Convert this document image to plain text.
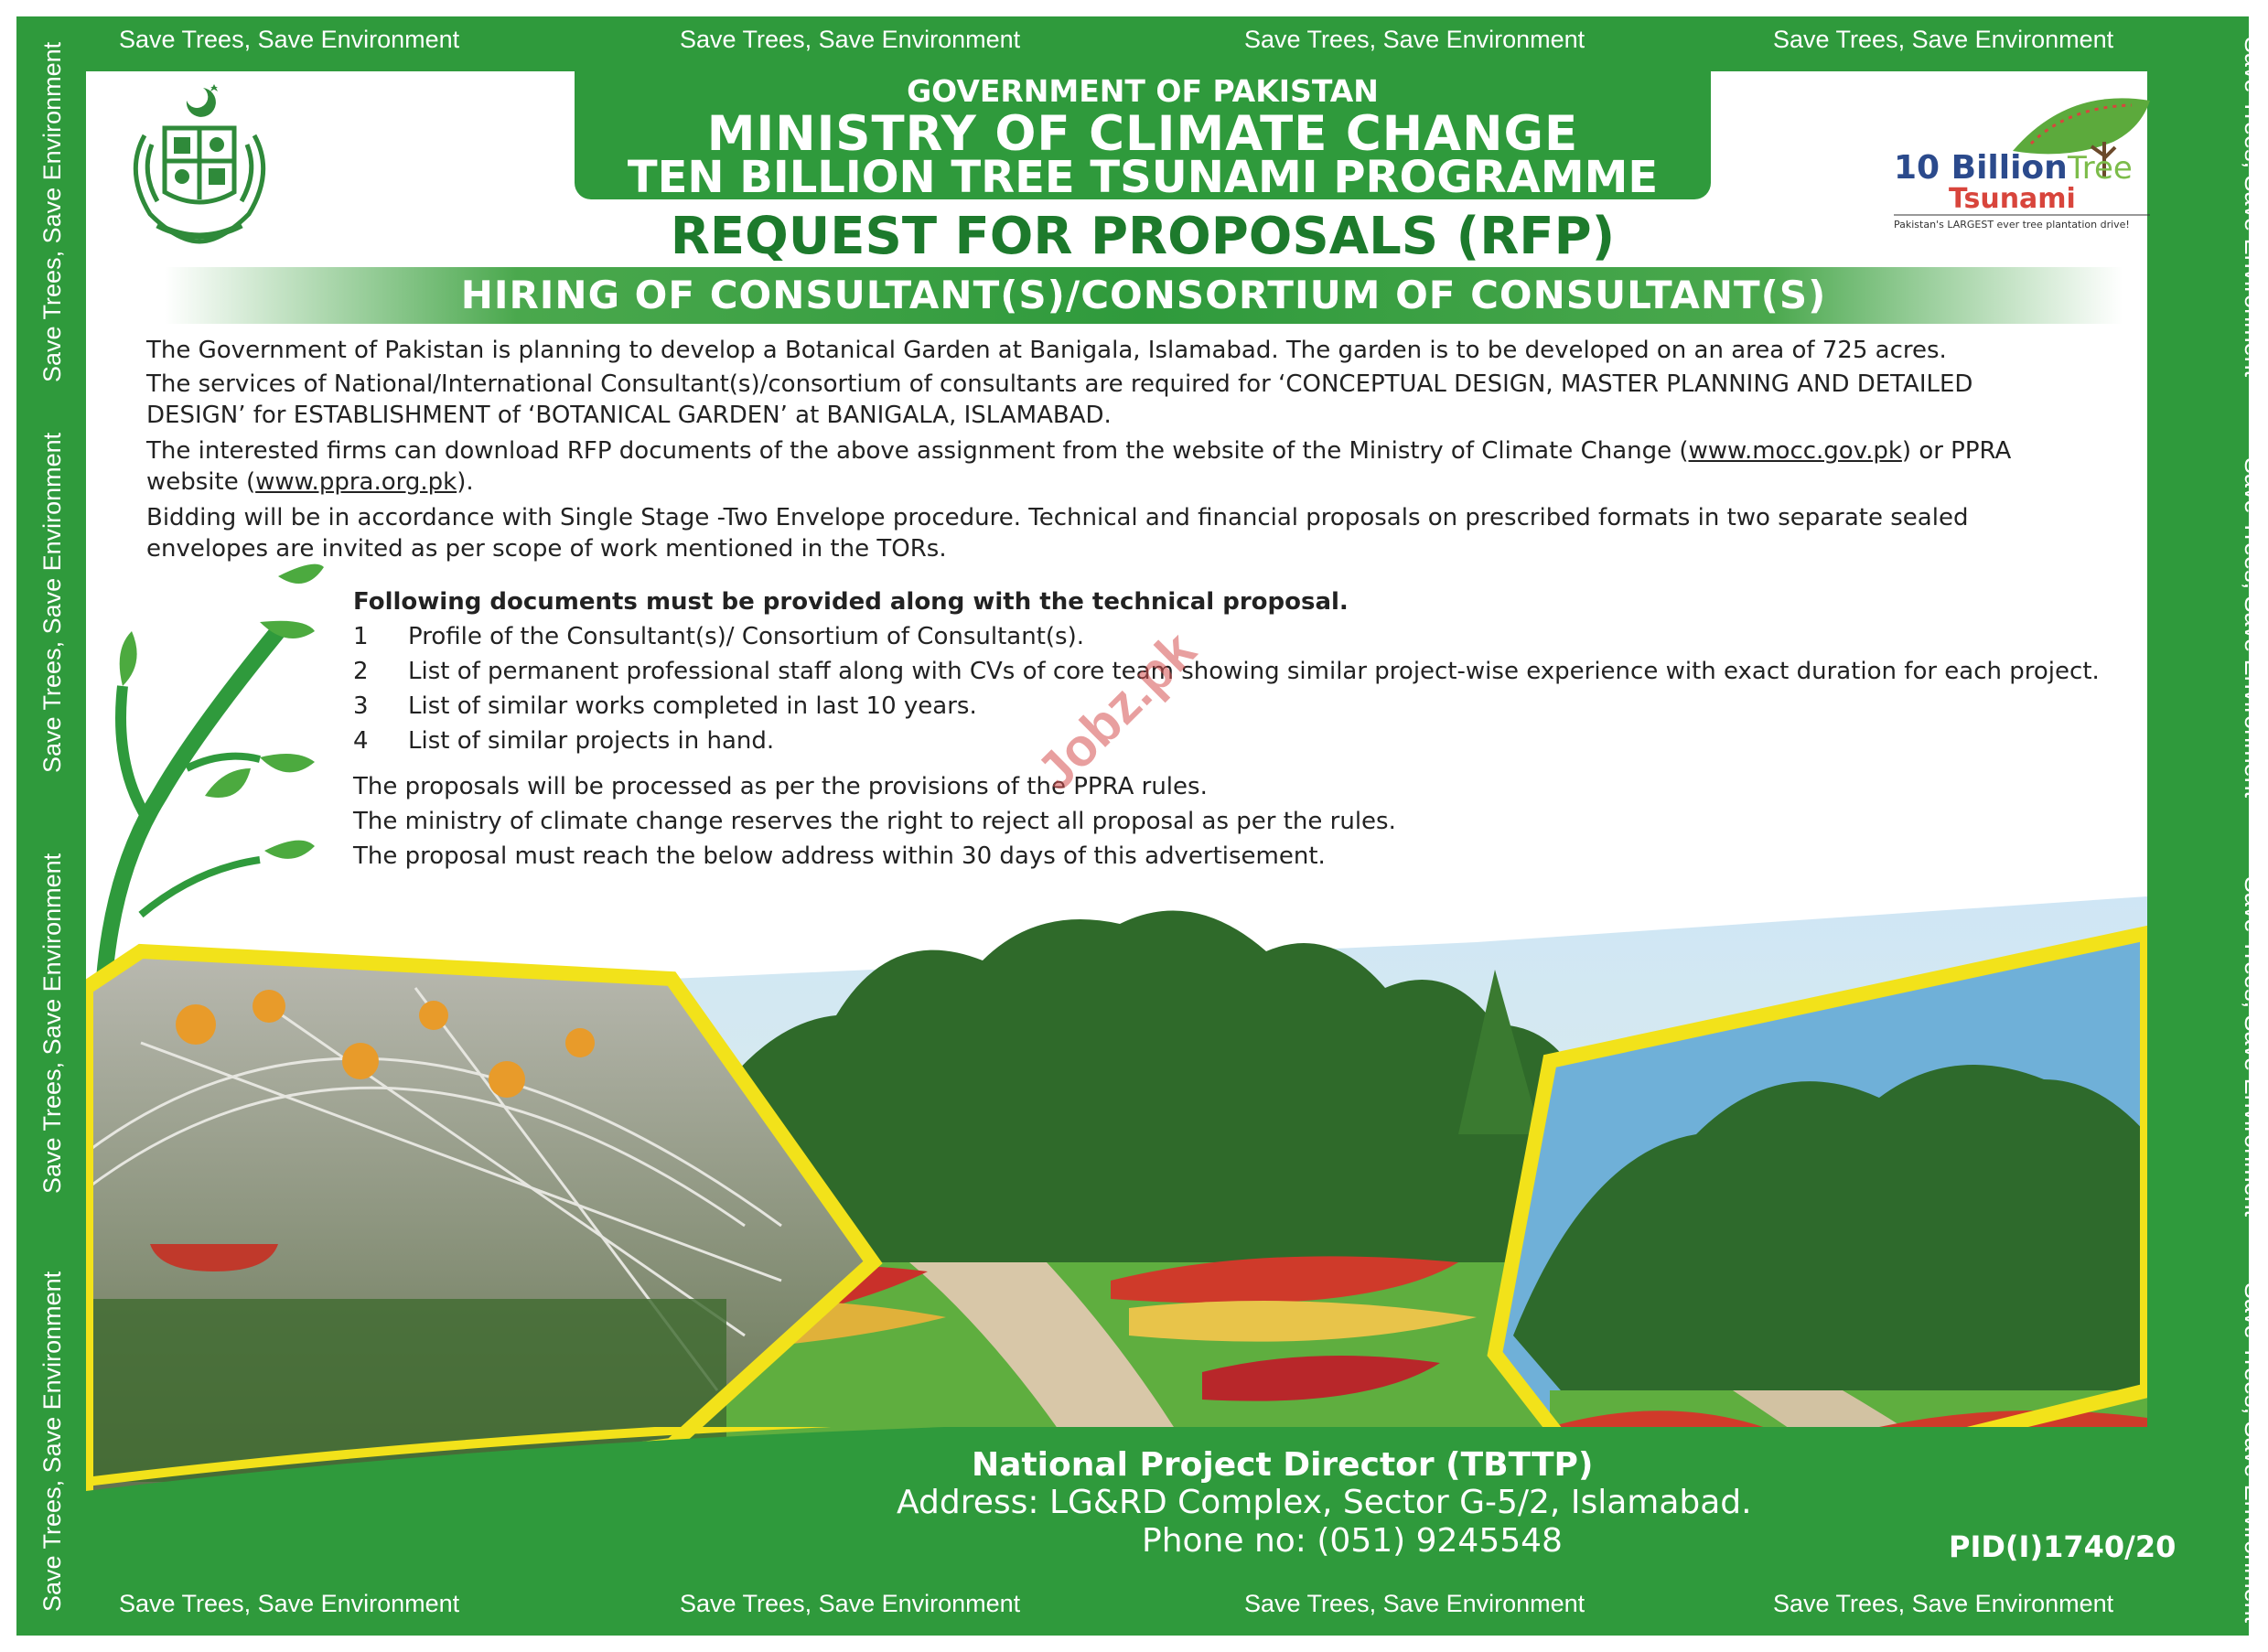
Save Trees, Save Environment	Save Trees, Save Environment	Save Trees, Save Environment	Save Trees, Save Environment
Save Trees, Save Environment	Save Trees, Save Environment	Save Trees, Save Environment	Save Trees, Save Environment
Save Trees, Save Environment
Save Trees, Save Environment
Save Trees, Save Environment
Save Trees, Save Environment
Save Trees, Save Environment
Save Trees, Save Environment
Save Trees, Save Environment
Save Trees, Save Environment
GOVERNMENT OF PAKISTAN
MINISTRY OF CLIMATE CHANGE
TEN BILLION TREE TSUNAMI PROGRAMME	10 Billion Tree
Tsunami
Pakistan's LARGEST ever tree plantation drive!
REQUEST FOR PROPOSALS (RFP)
HIRING OF CONSULTANT(S)/CONSORTIUM OF CONSULTANT(S)
The Government of Pakistan is planning to develop a Botanical Garden at Banigala, Islamabad. The garden is to be developed on an area of 725 acres.
The services of National/International Consultant(s)/consortium of consultants are required for ‘CONCEPTUAL DESIGN, MASTER PLANNING AND DETAILED
DESIGN’ for ESTABLISHMENT of ‘BOTANICAL GARDEN’ at BANIGALA, ISLAMABAD.
The interested firms can download RFP documents of the above assignment from the website of the Ministry of Climate Change (www.mocc.gov.pk) or PPRA
website (www.ppra.org.pk).
Bidding will be in accordance with Single Stage -Two Envelope procedure. Technical and financial proposals on prescribed formats in two separate sealed
envelopes are invited as per scope of work mentioned in the TORs.
Following documents must be provided along with the technical proposal.
1 Profile of the Consultant(s)/ Consortium of Consultant(s).
2 List of permanent professional staff along with CVs of core team showing similar project-wise experience with exact duration for each project.
3 List of similar works completed in last 10 years.
4 List of similar projects in hand.
The proposals will be processed as per the provisions of the PPRA rules.
The ministry of climate change reserves the right to reject all proposal as per the rules.
The proposal must reach the below address within 30 days of this advertisement.
National Project Director (TBTTP)
Address: LG&RD Complex, Sector G-5/2, Islamabad.
Phone no: (051) 9245548	PID(I)1740/20
Jobz.pk
